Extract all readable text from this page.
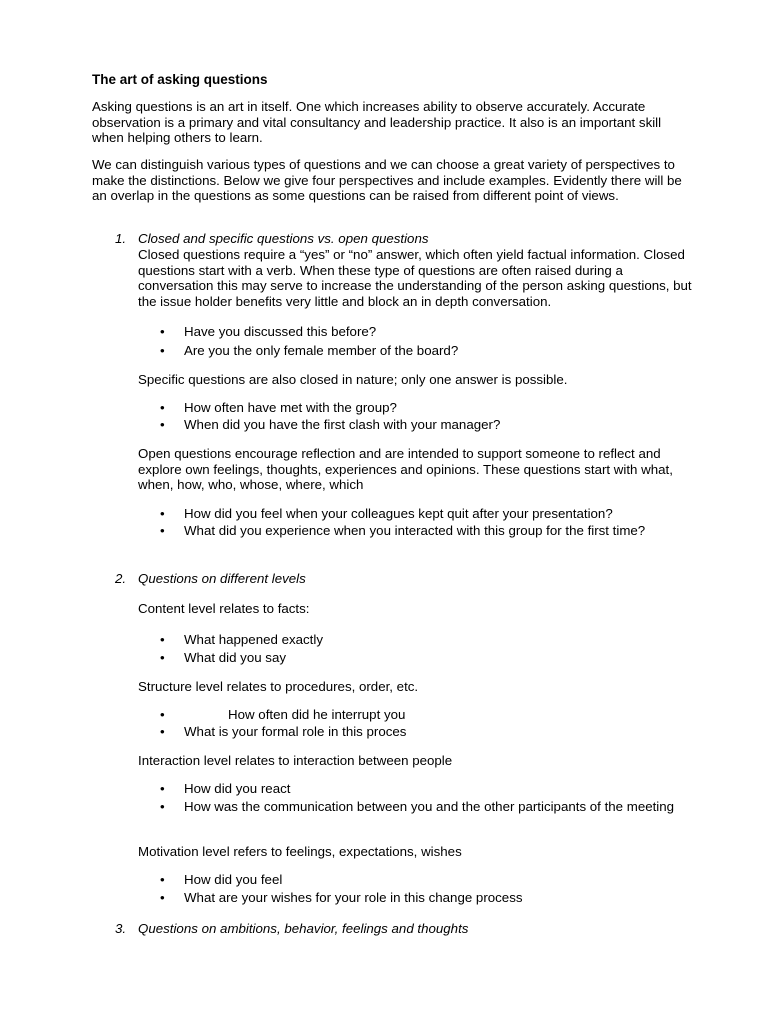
The art of asking questions

Asking questions is an art in itself. One which increases ability to observe accurately. Accurate observation is a primary and vital consultancy and leadership practice. It also is an important skill when helping others to learn.

We can distinguish various types of questions and we can choose a great variety of perspectives to make the distinctions. Below we give four perspectives and include examples. Evidently there will be an overlap in the questions as some questions can be raised from different point of views.

1. Closed and specific questions vs. open questions

Closed questions require a “yes” or “no” answer, which often yield factual information. Closed questions start with a verb. When these type of questions are often raised during a conversation this may serve to increase the understanding of the person asking questions, but the issue holder benefits very little and block an in depth conversation.

• Have you discussed this before?
• Are you the only female member of the board?

Specific questions are also closed in nature; only one answer is possible.

• How often have met with the group?
• When did you have the first clash with your manager?

Open questions encourage reflection and are intended to support someone to reflect and explore own feelings, thoughts, experiences and opinions. These questions start with what, when, how, who, whose, where, which

• How did you feel when your colleagues kept quit after your presentation?
• What did you experience when you interacted with this group for the first time?
2. Questions on different levels

Content level relates to facts:

• What happened exactly
• What did you say

Structure level relates to procedures, order, etc.

•	How often did he interrupt you
• What is your formal role in this proces

Interaction level relates to interaction between people

• How did you react
• How was the communication between you and the other participants of the meeting

Motivation level refers to feelings, expectations, wishes

• How did you feel
• What are your wishes for your role in this change process
3. Questions on ambitions, behavior, feelings and thoughts
